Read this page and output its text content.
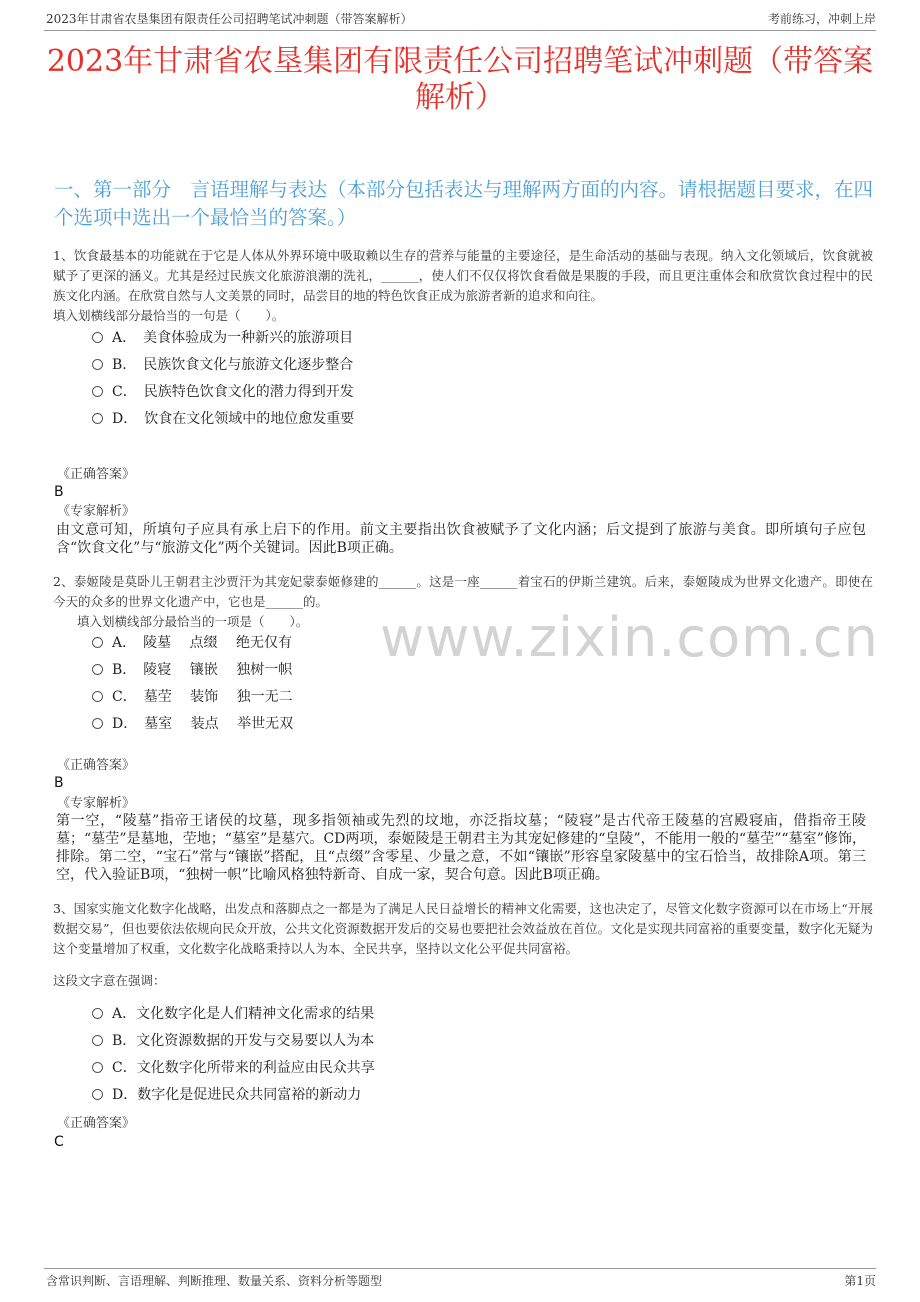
2023年甘肃省农垦集团有限责任公司招聘笔试冲刺题（带答案解析）	考前练习，冲刺上岸
2023年甘肃省农垦集团有限责任公司招聘笔试冲刺题（带答案解析）
一、第一部分　言语理解与表达（本部分包括表达与理解两方面的内容。请根据题目要求，在四个选项中选出一个最恰当的答案。）
www.zixin.com.cn
1、饮食最基本的功能就在于它是人体从外界环境中吸取赖以生存的营养与能量的主要途径，是生命活动的基础与表现。纳入文化领域后，饮食就被赋予了更深的涵义。尤其是经过民族文化旅游浪潮的洗礼，______，使人们不仅仅将饮食看做是果腹的手段，而且更注重体会和欣赏饮食过程中的民族文化内涵。在欣赏自然与人文美景的同时，品尝目的地的特色饮食正成为旅游者新的追求和向往。
填入划横线部分最恰当的一句是（　　）。
A．　美食体验成为一种新兴的旅游项目
B．　民族饮食文化与旅游文化逐步整合
C．　民族特色饮食文化的潜力得到开发
D．　饮食在文化领域中的地位愈发重要
《正确答案》
B
《专家解析》
由文意可知，所填句子应具有承上启下的作用。前文主要指出饮食被赋予了文化内涵；后文提到了旅游与美食。即所填句子应包含“饮食文化”与“旅游文化”两个关键词。因此B项正确。
2、泰姬陵是莫卧儿王朝君主沙贾汗为其宠妃蒙泰姬修建的______。这是一座______着宝石的伊斯兰建筑。后来，泰姬陵成为世界文化遗产。即使在今天的众多的世界文化遗产中，它也是______的。
填入划横线部分最恰当的一项是（　　）。
A．　陵墓　 点缀　 绝无仅有
B．　陵寝　 镶嵌　 独树一帜
C．　墓茔　 装饰　 独一无二
D．　墓室　 装点　 举世无双
《正确答案》
B
《专家解析》
第一空，“陵墓”指帝王诸侯的坟墓，现多指领袖或先烈的坟地，亦泛指坟墓；“陵寝”是古代帝王陵墓的宫殿寝庙，借指帝王陵墓；“墓茔”是墓地，茔地；“墓室”是墓穴。CD两项，泰姬陵是王朝君主为其宠妃修建的“皇陵”，不能用一般的“墓茔”“墓室”修饰，排除。第二空，“宝石”常与“镶嵌”搭配，且“点缀”含零星、少量之意，不如“镶嵌”形容皇家陵墓中的宝石恰当，故排除A项。第三空，代入验证B项，“独树一帜”比喻风格独特新奇、自成一家，契合句意。因此B项正确。
3、国家实施文化数字化战略，出发点和落脚点之一都是为了满足人民日益增长的精神文化需要，这也决定了，尽管文化数字资源可以在市场上“开展数据交易”，但也要依法依规向民众开放，公共文化资源数据开发后的交易也要把社会效益放在首位。文化是实现共同富裕的重要变量，数字化无疑为这个变量增加了权重，文化数字化战略秉持以人为本、全民共享，坚持以文化公平促共同富裕。
这段文字意在强调：
A．文化数字化是人们精神文化需求的结果
B．文化资源数据的开发与交易要以人为本
C．文化数字化所带来的利益应由民众共享
D．数字化是促进民众共同富裕的新动力
《正确答案》
C
含常识判断、言语理解、判断推理、数量关系、资料分析等题型	第1页
